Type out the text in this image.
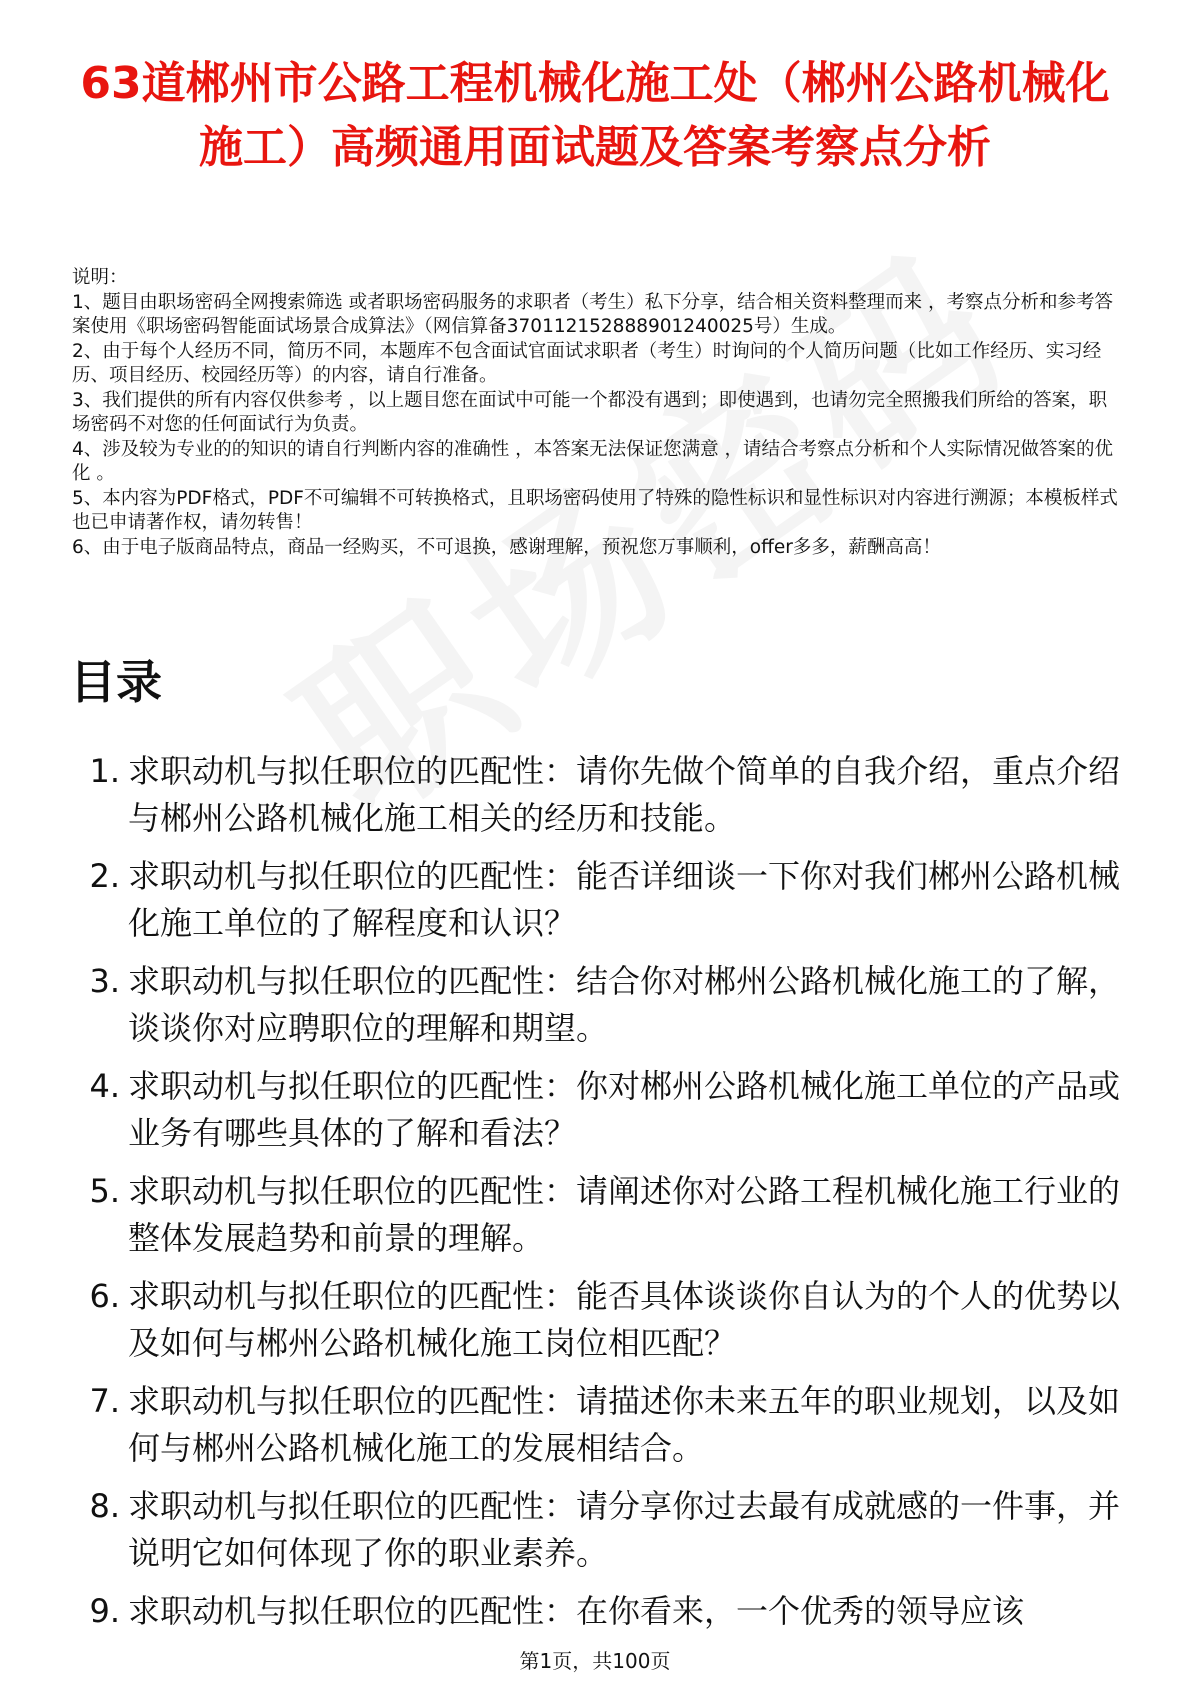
63道郴州市公路工程机械化施工处（郴州公路机械化施工）高频通用面试题及答案考察点分析

说明：

1、题目由职场密码全网搜索筛选 或者职场密码服务的求职者（考生）私下分享，结合相关资料整理而来 ，考察点分析和参考答案使用《职场密码智能面试场景合成算法》（网信算备370112152888901240025号）生成。

2、由于每个人经历不同，简历不同，本题库不包含面试官面试求职者（考生）时询问的个人简历问题（比如工作经历、实习经历、项目经历、校园经历等）的内容，请自行准备。

3、我们提供的所有内容仅供参考 ，以上题目您在面试中可能一个都没有遇到；即使遇到，也请勿完全照搬我们所给的答案，职场密码不对您的任何面试行为负责。

4、涉及较为专业的的知识的请自行判断内容的准确性 ，本答案无法保证您满意 ，请结合考察点分析和个人实际情况做答案的优化 。

5、本内容为PDF格式，PDF不可编辑不可转换格式，且职场密码使用了特殊的隐性标识和显性标识对内容进行溯源；本模板样式也已申请著作权，请勿转售！

6、由于电子版商品特点，商品一经购买，不可退换，感谢理解，预祝您万事顺利，offer多多，薪酬高高！

目录
1. 求职动机与拟任职位的匹配性：请你先做个简单的自我介绍，重点介绍与郴州公路机械化施工相关的经历和技能。
2. 求职动机与拟任职位的匹配性：能否详细谈一下你对我们郴州公路机械化施工单位的了解程度和认识？
3. 求职动机与拟任职位的匹配性：结合你对郴州公路机械化施工的了解，谈谈你对应聘职位的理解和期望。
4. 求职动机与拟任职位的匹配性：你对郴州公路机械化施工单位的产品或业务有哪些具体的了解和看法？
5. 求职动机与拟任职位的匹配性：请阐述你对公路工程机械化施工行业的整体发展趋势和前景的理解。
6. 求职动机与拟任职位的匹配性：能否具体谈谈你自认为的个人的优势以及如何与郴州公路机械化施工岗位相匹配？
7. 求职动机与拟任职位的匹配性：请描述你未来五年的职业规划，以及如何与郴州公路机械化施工的发展相结合。
8. 求职动机与拟任职位的匹配性：请分享你过去最有成就感的一件事，并说明它如何体现了你的职业素养。
9. 求职动机与拟任职位的匹配性：在你看来，一个优秀的领导应该
第1页，共100页
